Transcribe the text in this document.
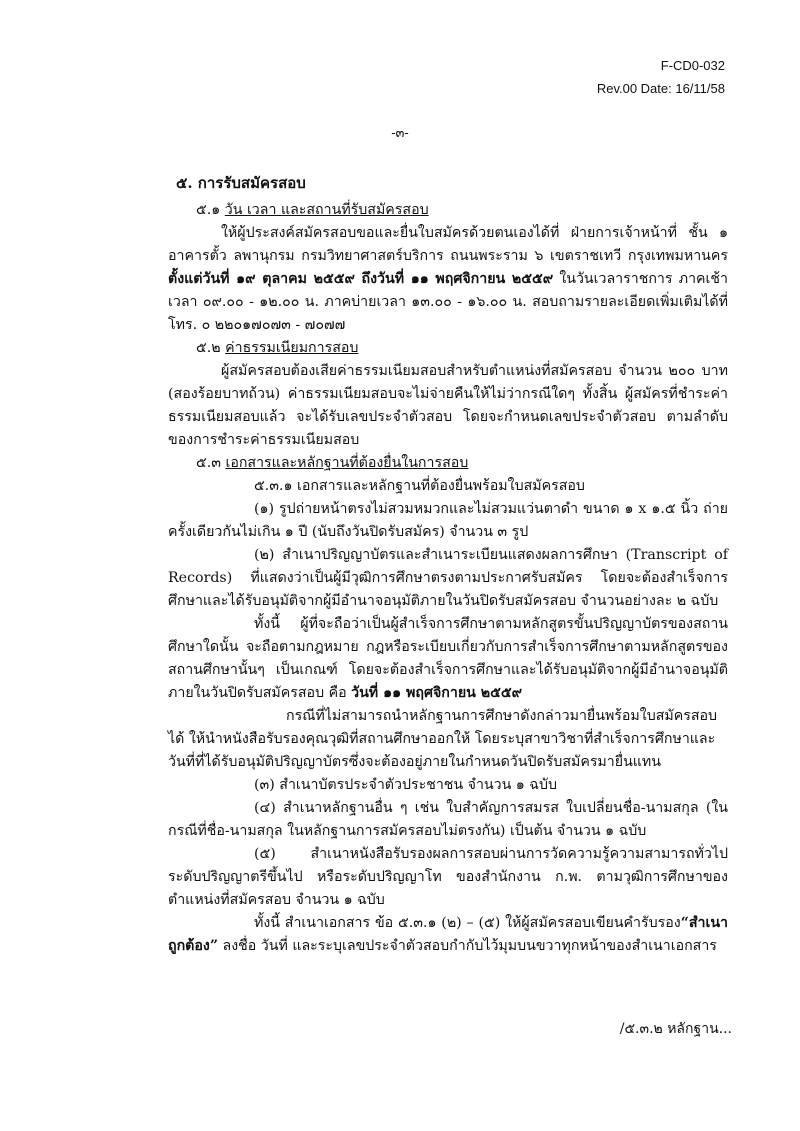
F-CD0-032
Rev.00 Date: 16/11/58
-๓-

๕. การรับสมัครสอบ

๕.๑ วัน เวลา และสถานที่รับสมัครสอบ

ให้ผู้ประสงค์สมัครสอบขอและยื่นใบสมัครด้วยตนเองได้ที่ ฝ่ายการเจ้าหน้าที่ ชั้น ๑ อาคารตั้ว ลพานุกรม กรมวิทยาศาสตร์บริการ ถนนพระราม ๖ เขตราชเทวี กรุงเทพมหานคร ตั้งแต่วันที่ ๑๙ ตุลาคม ๒๕๕๙ ถึงวันที่ ๑๑ พฤศจิกายน ๒๕๕๙ ในวันเวลาราชการ ภาคเช้าเวลา ๐๙.๐๐ - ๑๒.๐๐ น. ภาคบ่ายเวลา ๑๓.๐๐ - ๑๖.๐๐ น. สอบถามรายละเอียดเพิ่มเติมได้ที่ โทร. ๐ ๒๒๐๑๗๐๗๓ - ๗๐๗๗

๕.๒ ค่าธรรมเนียมการสอบ

ผู้สมัครสอบต้องเสียค่าธรรมเนียมสอบสำหรับตำแหน่งที่สมัครสอบ จำนวน ๒๐๐ บาท (สองร้อยบาทถ้วน) ค่าธรรมเนียมสอบจะไม่จ่ายคืนให้ไม่ว่ากรณีใดๆ ทั้งสิ้น ผู้สมัครที่ชำระค่าธรรมเนียมสอบแล้ว จะได้รับเลขประจำตัวสอบ โดยจะกำหนดเลขประจำตัวสอบ ตามลำดับของการชำระค่าธรรมเนียมสอบ

๕.๓ เอกสารและหลักฐานที่ต้องยื่นในการสอบ

๕.๓.๑ เอกสารและหลักฐานที่ต้องยื่นพร้อมใบสมัครสอบ

(๑) รูปถ่ายหน้าตรงไม่สวมหมวกและไม่สวมแว่นตาดำ ขนาด ๑ x ๑.๕ นิ้ว ถ่ายครั้งเดียวกันไม่เกิน ๑ ปี (นับถึงวันปิดรับสมัคร) จำนวน ๓ รูป

(๒) สำเนาปริญญาบัตรและสำเนาระเบียนแสดงผลการศึกษา (Transcript of Records) ที่แสดงว่าเป็นผู้มีวุฒิการศึกษาตรงตามประกาศรับสมัคร โดยจะต้องสำเร็จการศึกษาและได้รับอนุมัติจากผู้มีอำนาจอนุมัติภายในวันปิดรับสมัครสอบ จำนวนอย่างละ ๒ ฉบับ

ทั้งนี้ ผู้ที่จะถือว่าเป็นผู้สำเร็จการศึกษาตามหลักสูตรขั้นปริญญาบัตรของสถานศึกษาใดนั้น จะถือตามกฎหมาย กฎหรือระเบียบเกี่ยวกับการสำเร็จการศึกษาตามหลักสูตรของสถานศึกษานั้นๆ เป็นเกณฑ์ โดยจะต้องสำเร็จการศึกษาและได้รับอนุมัติจากผู้มีอำนาจอนุมัติภายในวันปิดรับสมัครสอบ คือ วันที่ ๑๑ พฤศจิกายน ๒๕๕๙

กรณีที่ไม่สามารถนำหลักฐานการศึกษาดังกล่าวมายื่นพร้อมใบสมัครสอบได้ ให้นำหนังสือรับรองคุณวุฒิที่สถานศึกษาออกให้ โดยระบุสาขาวิชาที่สำเร็จการศึกษาและวันที่ที่ได้รับอนุมัติปริญญาบัตรซึ่งจะต้องอยู่ภายในกำหนดวันปิดรับสมัครมายื่นแทน

(๓) สำเนาบัตรประจำตัวประชาชน จำนวน ๑ ฉบับ

(๔) สำเนาหลักฐานอื่น ๆ เช่น ใบสำคัญการสมรส ใบเปลี่ยนชื่อ-นามสกุล (ในกรณีที่ชื่อ-นามสกุล ในหลักฐานการสมัครสอบไม่ตรงกัน) เป็นต้น จำนวน ๑ ฉบับ

(๕) สำเนาหนังสือรับรองผลการสอบผ่านการวัดความรู้ความสามารถทั่วไป ระดับปริญญาตรีขึ้นไป หรือระดับปริญญาโท ของสำนักงาน ก.พ. ตามวุฒิการศึกษาของตำแหน่งที่สมัครสอบ จำนวน ๑ ฉบับ

ทั้งนี้ สำเนาเอกสาร ข้อ ๕.๓.๑ (๒) – (๕) ให้ผู้สมัครสอบเขียนคำรับรอง“สำเนาถูกต้อง” ลงชื่อ วันที่ และระบุเลขประจำตัวสอบกำกับไว้มุมบนขวาทุกหน้าของสำเนาเอกสาร

/๕.๓.๒ หลักฐาน...
